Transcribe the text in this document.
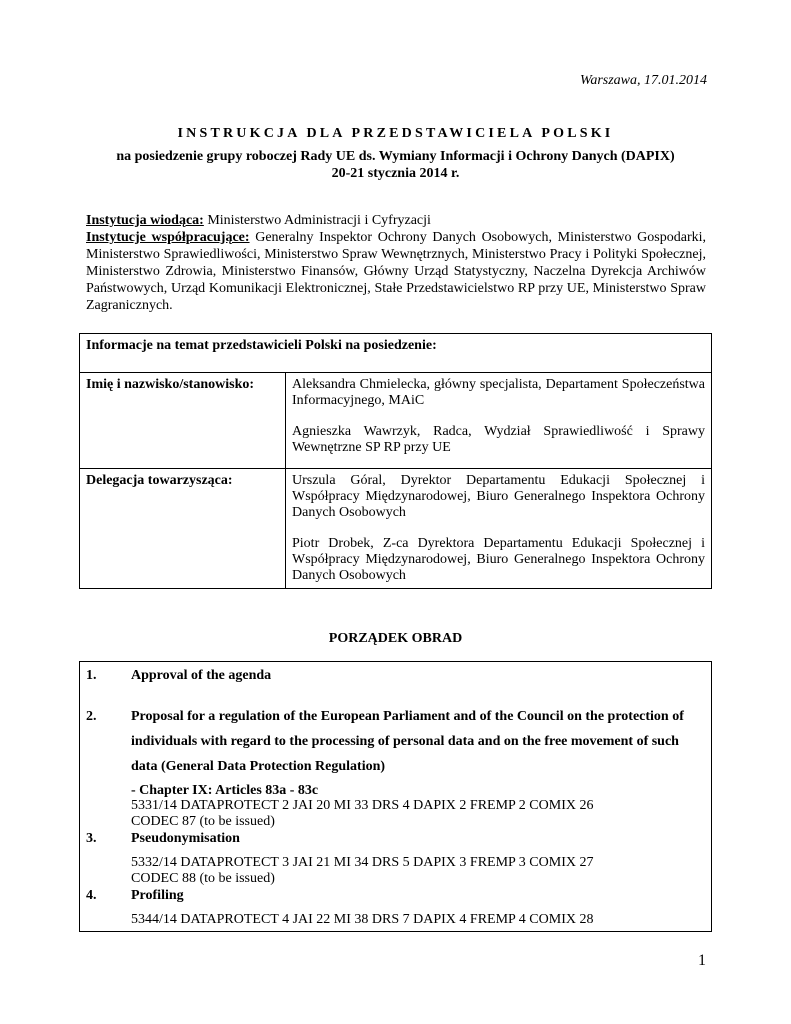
Warszawa, 17.01.2014
INSTRUKCJA DLA PRZEDSTAWICIELA POLSKI
na posiedzenie grupy roboczej Rady UE ds. Wymiany Informacji i Ochrony Danych (DAPIX)
20-21 stycznia 2014 r.
Instytucja wiodąca: Ministerstwo Administracji i Cyfryzacji
Instytucje współpracujące: Generalny Inspektor Ochrony Danych Osobowych, Ministerstwo Gospodarki, Ministerstwo Sprawiedliwości, Ministerstwo Spraw Wewnętrznych, Ministerstwo Pracy i Polityki Społecznej, Ministerstwo Zdrowia, Ministerstwo Finansów, Główny Urząd Statystyczny, Naczelna Dyrekcja Archiwów Państwowych, Urząd Komunikacji Elektronicznej, Stałe Przedstawicielstwo RP przy UE, Ministerstwo Spraw Zagranicznych.
Informacje na temat przedstawicieli Polski na posiedzenie:	
Imię i nazwisko/stanowisko:	Aleksandra Chmielecka, główny specjalista, Departament Społeczeństwa Informacyjnego, MAiC
Agnieszka Wawrzyk, Radca, Wydział Sprawiedliwość i Sprawy Wewnętrzne SP RP przy UE

Delegacja towarzysząca:	Urszula Góral, Dyrektor Departamentu Edukacji Społecznej i Współpracy Międzynarodowej, Biuro Generalnego Inspektora Ochrony Danych Osobowych
Piotr Drobek, Z-ca Dyrektora Departamentu Edukacji Społecznej i Współpracy Międzynarodowej, Biuro Generalnego Inspektora Ochrony Danych Osobowych
PORZĄDEK OBRAD
1. Approval of the agenda
2. Proposal for a regulation of the European Parliament and of the Council on the protection of
individuals with regard to the processing of personal data and on the free movement of such
data (General Data Protection Regulation)
- Chapter IX: Articles 83a - 83c
5331/14 DATAPROTECT 2 JAI 20 MI 33 DRS 4 DAPIX 2 FREMP 2 COMIX 26
CODEC 87 (to be issued)
3. Pseudonymisation
5332/14 DATAPROTECT 3 JAI 21 MI 34 DRS 5 DAPIX 3 FREMP 3 COMIX 27
CODEC 88 (to be issued)
4. Profiling
5344/14 DATAPROTECT 4 JAI 22 MI 38 DRS 7 DAPIX 4 FREMP 4 COMIX 28
1
